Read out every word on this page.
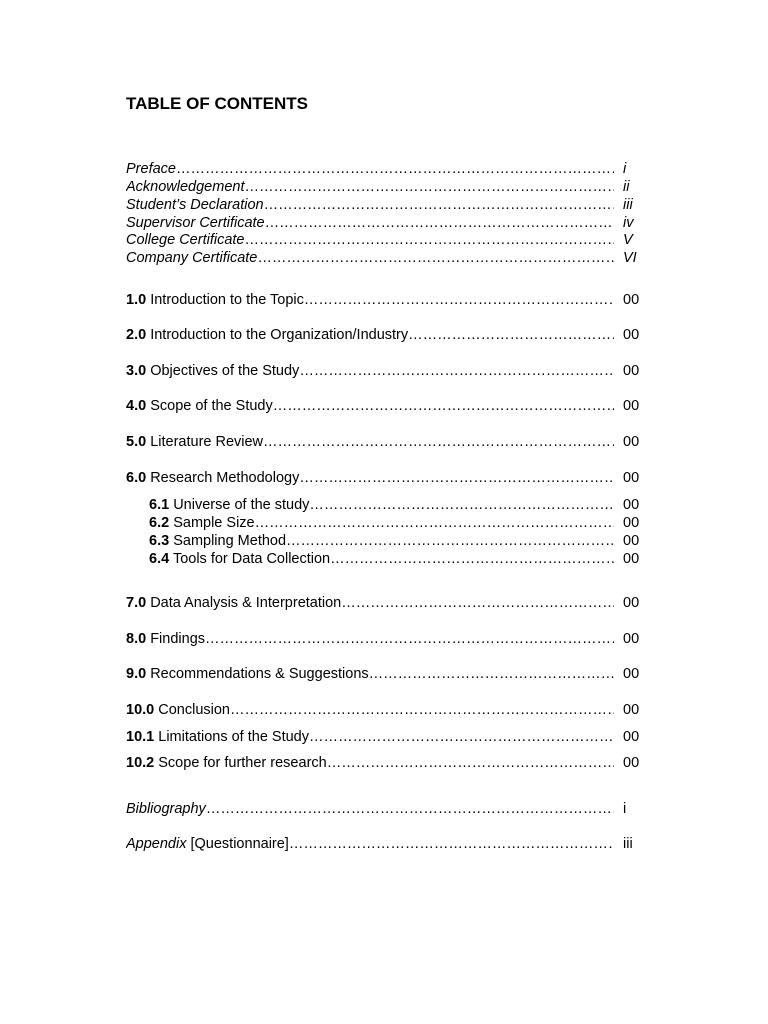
TABLE OF CONTENTS
Preface ………………………………………………………………………………………………………………………………………………	i
Acknowledgement ………………………………………………………………………………………………………………………………………………	ii
Student’s Declaration ………………………………………………………………………………………………………………………………………………	iii
Supervisor Certificate ………………………………………………………………………………………………………………………………………………	iv
College Certificate ………………………………………………………………………………………………………………………………………………	V
Company Certificate ………………………………………………………………………………………………………………………………………………	VI
1.0 Introduction to the Topic ………………………………………………………………………………………………………………………………………………	00
2.0 Introduction to the Organization/Industry ………………………………………………………………………………………………………………………………………………	00
3.0 Objectives of the Study ………………………………………………………………………………………………………………………………………………	00
4.0 Scope of the Study ………………………………………………………………………………………………………………………………………………	00
5.0 Literature Review ………………………………………………………………………………………………………………………………………………	00
6.0 Research Methodology ………………………………………………………………………………………………………………………………………………	00
6.1 Universe of the study ………………………………………………………………………………………………………………………………………………	00
6.2 Sample Size ………………………………………………………………………………………………………………………………………………	00
6.3 Sampling Method ………………………………………………………………………………………………………………………………………………	00
6.4 Tools for Data Collection ………………………………………………………………………………………………………………………………………………	00
7.0 Data Analysis & Interpretation ………………………………………………………………………………………………………………………………………………	00
8.0 Findings ………………………………………………………………………………………………………………………………………………	00
9.0 Recommendations & Suggestions ………………………………………………………………………………………………………………………………………………	00
10.0 Conclusion ………………………………………………………………………………………………………………………………………………	00
10.1 Limitations of the Study ………………………………………………………………………………………………………………………………………………	00
10.2 Scope for further research ………………………………………………………………………………………………………………………………………………	00
Bibliography ………………………………………………………………………………………………………………………………………………	i
Appendix [Questionnaire] ………………………………………………………………………………………………………………………………………………	iii
